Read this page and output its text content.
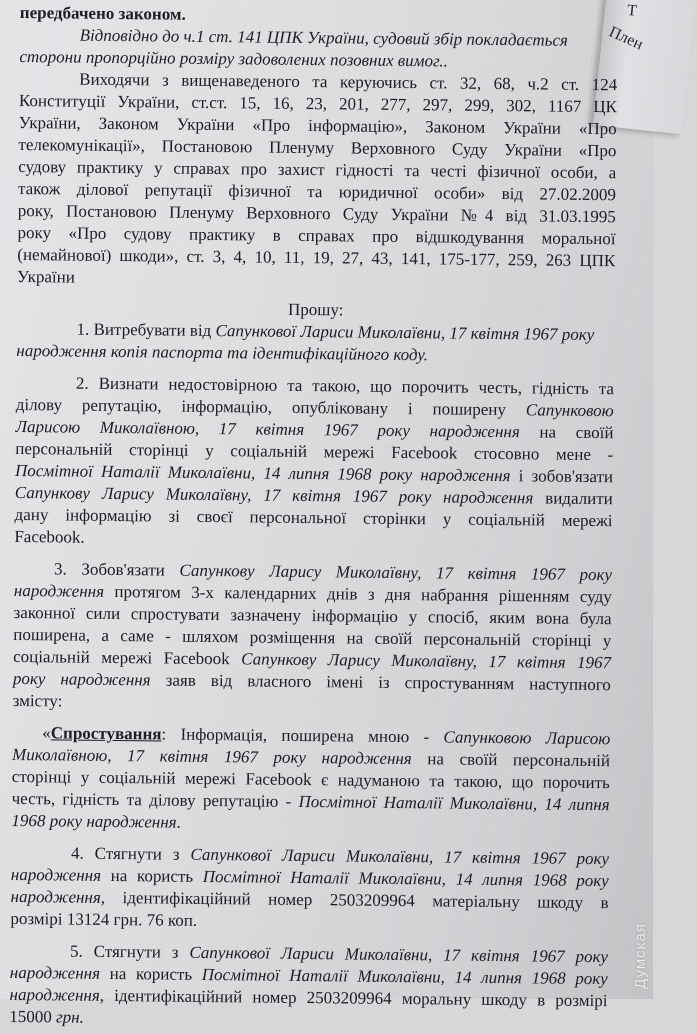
Т
Плен
передбачено законом.
Відповідно до ч.1 ст. 141 ЦПК України, судовий збір покладається
сторони пропорційно розміру задоволених позовних вимог..
Виходячи з вищенаведеного та керуючись ст. 32, 68, ч.2 ст. 124
Конституції України, ст.ст. 15, 16, 23, 201, 277, 297, 299, 302, 1167 ЦК
України, Законом України «Про інформацію», Законом України «Про
телекомунікації», Постановою Пленуму Верховного Суду України «Про
судову практику у справах про захист гідності та честі фізичної особи, а
також ділової репутації фізичної та юридичної особи» від 27.02.2009
року, Постановою Пленуму Верховного Суду України №4 від 31.03.1995
року «Про судову практику в справах про відшкодування моральної
(немайнової) шкоди», ст. 3, 4, 10, 11, 19, 27, 43, 141, 175-177, 259, 263 ЦПК
України
Прошу:
1. Витребувати від Сапункової Лариси Миколаївни, 17 квітня 1967 року
народження копія паспорта та ідентифікаційного коду.
2. Визнати недостовірною та такою, що порочить честь, гідність та
ділову репутацію, інформацію, опубліковану і поширену Сапунковою
Ларисою Миколаївною, 17 квітня 1967 року народження на своїй
персональній сторінці у соціальній мережі Facebook стосовно мене -
Посмітної Наталії Миколаївни, 14 липня 1968 року народження і зобов'язати
Сапункову Ларису Миколаївну, 17 квітня 1967 року народження видалити
дану інформацію зі своєї персональної сторінки у соціальній мережі
Facebook.
3. Зобов'язати Сапункову Ларису Миколаївну, 17 квітня 1967 року
народження протягом 3-х календарних днів з дня набрання рішенням суду
законної сили спростувати зазначену інформацію у спосіб, яким вона була
поширена, а саме - шляхом розміщення на своїй персональній сторінці у
соціальній мережі Facebook Сапункову Ларису Миколаївну, 17 квітня 1967
року народження заяв від власного імені із спростуванням наступного
змісту:
«Спростування: Інформація, поширена мною - Сапунковою Ларисою
Миколаївною, 17 квітня 1967 року народження на своїй персональній
сторінці у соціальній мережі Facebook є надуманою та такою, що порочить
честь, гідність та ділову репутацію - Посмітної Наталії Миколаївни, 14 липня
1968 року народження.
4. Стягнути з Сапункової Лариси Миколаївни, 17 квітня 1967 року
народження на користь Посмітної Наталії Миколаївни, 14 липня 1968 року
народження, ідентифікаційний номер 2503209964 матеріальну шкоду в
розмірі 13124 грн. 76 коп.
5. Стягнути з Сапункової Лариси Миколаївни, 17 квітня 1967 року
народження на користь Посмітної Наталії Миколаївни, 14 липня 1968 року
народження, ідентифікаційний номер 2503209964 моральну шкоду в розмірі
15000 грн.
Думская
